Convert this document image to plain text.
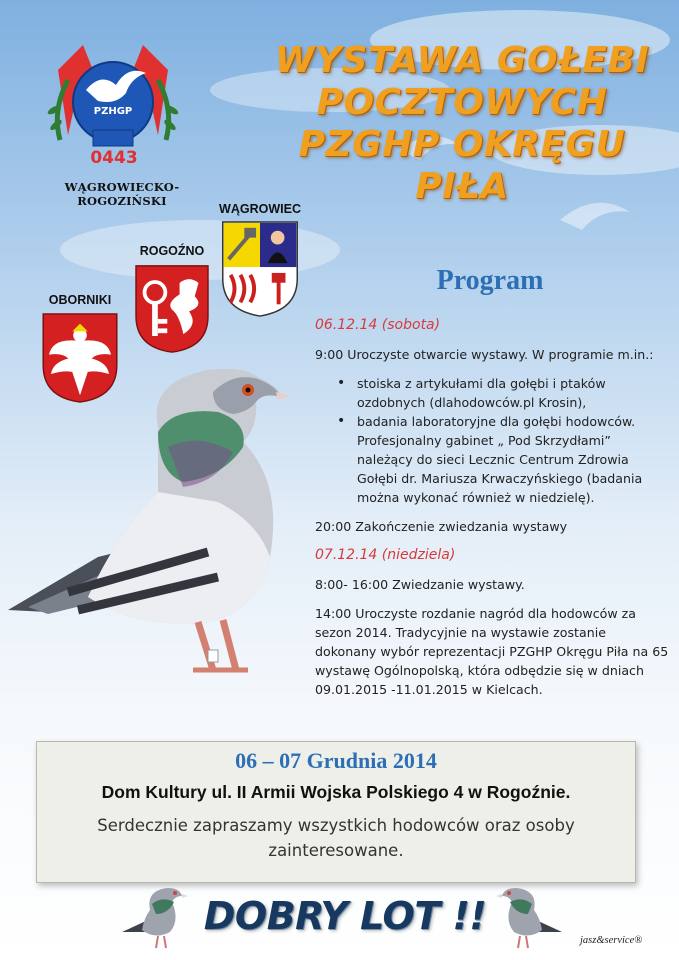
PZHGP
0443
WĄGROWIECKO-ROGOZIŃSKI
WYSTAWA GOŁEBI
POCZTOWYCH
PZGHP OKRĘGU
PIŁA
WĄGROWIEC
ROGOŹNO
OBORNIKI
Program

06.12.14 (sobota)

9:00 Uroczyste otwarcie wystawy. W programie m.in.:

• stoiska z artykułami dla gołębi i ptaków ozdobnych (dlahodowców.pl Krosin),
• badania laboratoryjne dla gołębi hodowców. Profesjonalny gabinet „ Pod Skrzydłami” należący do sieci Lecznic Centrum Zdrowia Gołębi dr. Mariusza Krwaczyńskiego (badania można wykonać również w niedzielę).

20:00 Zakończenie zwiedzania wystawy

07.12.14 (niedziela)

8:00- 16:00 Zwiedzanie wystawy.

14:00 Uroczyste rozdanie nagród dla hodowców za sezon 2014. Tradycyjnie na wystawie zostanie dokonany wybór reprezentacji PZGHP Okręgu Piła na 65 wystawę Ogólnopolską, która odbędzie się w dniach 09.01.2015 -11.01.2015 w Kielcach.

06 – 07 Grudnia 2014
Dom Kultury ul. II Armii Wojska Polskiego 4 w Rogoźnie.
Serdecznie zapraszamy wszystkich hodowców oraz osoby zainteresowane.
DOBRY LOT !!
jasz&service®
